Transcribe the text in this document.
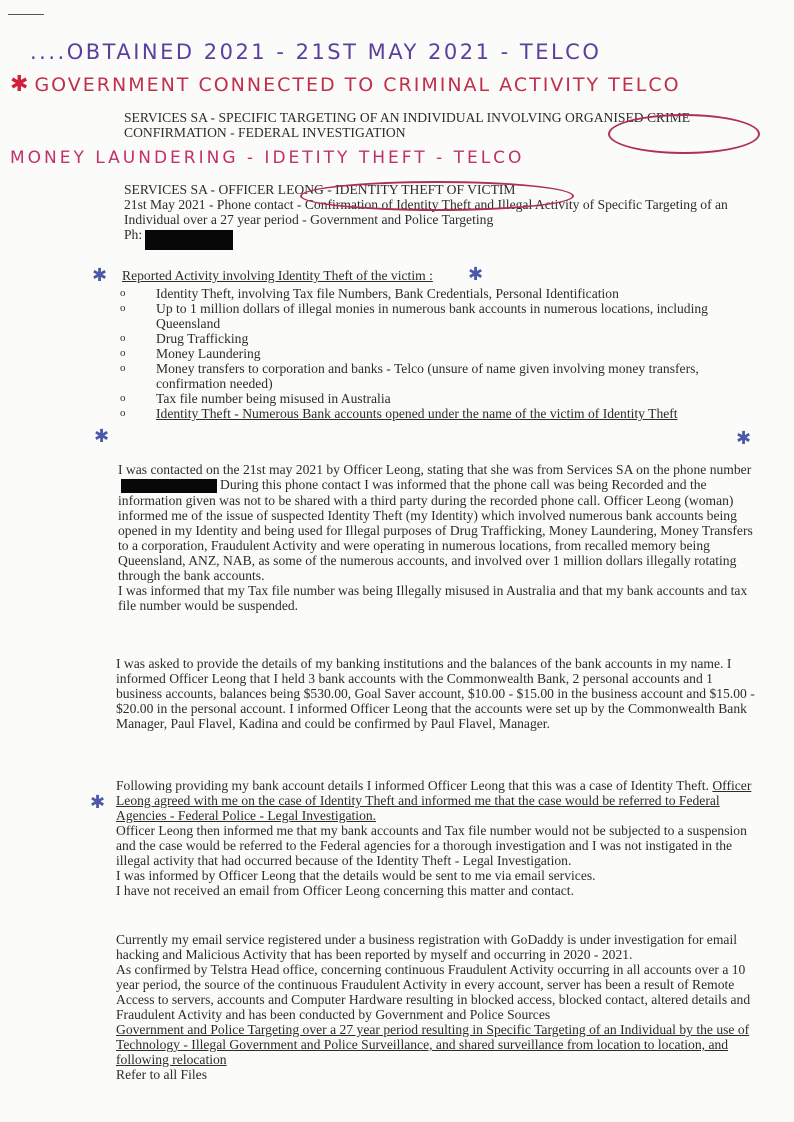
....OBTAINED 2021 - 21ST MAY 2021 - TELCO
✱ GOVERNMENT CONNECTED TO CRIMINAL ACTIVITY TELCO
SERVICES SA - SPECIFIC TARGETING OF AN INDIVIDUAL INVOLVING ORGANISED CRIME CONFIRMATION - FEDERAL INVESTIGATION
MONEY LAUNDERING - IDETITY THEFT - TELCO

SERVICES SA - OFFICER LEONG - IDENTITY THEFT OF VICTIM

21st May 2021 - Phone contact - Confirmation of Identity Theft and Illegal Activity of Specific Targeting of an Individual over a 27 year period - Government and Police Targeting

Ph:

✱ Reported Activity involving Identity Theft of the victim :	✱
o Identity Theft, involving Tax file Numbers, Bank Credentials, Personal Identification
o Up to 1 million dollars of illegal monies in numerous bank accounts in numerous locations, including Queensland
o Drug Trafficking
o Money Laundering
o Money transfers to corporation and banks - Telco (unsure of name given involving money transfers, confirmation needed)
o Tax file number being misused in Australia
o Identity Theft - Numerous Bank accounts opened under the name of the victim of Identity Theft
✱	✱

I was contacted on the 21st may 2021 by Officer Leong, stating that she was from Services SA on the phone numberDuring this phone contact I was informed that the phone call was being Recorded and the information given was not to be shared with a third party during the recorded phone call. Officer Leong (woman) informed me of the issue of suspected Identity Theft (my Identity) which involved numerous bank accounts being opened in my Identity and being used for Illegal purposes of Drug Trafficking, Money Laundering, Money Transfers to a corporation, Fraudulent Activity and were operating in numerous locations, from recalled memory being Queensland, ANZ, NAB, as some of the numerous accounts, and involved over 1 million dollars illegally rotating through the bank accounts.

I was informed that my Tax file number was being Illegally misused in Australia and that my bank accounts and tax file number would be suspended.

I was asked to provide the details of my banking institutions and the balances of the bank accounts in my name. I informed Officer Leong that I held 3 bank accounts with the Commonwealth Bank, 2 personal accounts and 1 business accounts, balances being $530.00, Goal Saver account, $10.00 - $15.00 in the business account and $15.00 - $20.00 in the personal account. I informed Officer Leong that the accounts were set up by the Commonwealth Bank Manager, Paul Flavel, Kadina and could be confirmed by Paul Flavel, Manager.
✱

Following providing my bank account details I informed Officer Leong that this was a case of Identity Theft. Officer Leong agreed with me on the case of Identity Theft and informed me that the case would be referred to Federal Agencies - Federal Police - Legal Investigation.

Officer Leong then informed me that my bank accounts and Tax file number would not be subjected to a suspension and the case would be referred to the Federal agencies for a thorough investigation and I was not instigated in the illegal activity that had occurred because of the Identity Theft - Legal Investigation.

I was informed by Officer Leong that the details would be sent to me via email services.

I have not received an email from Officer Leong concerning this matter and contact.

Currently my email service registered under a business registration with GoDaddy is under investigation for email hacking and Malicious Activity that has been reported by myself and occurring in 2020 - 2021.

As confirmed by Telstra Head office, concerning continuous Fraudulent Activity occurring in all accounts over a 10 year period, the source of the continuous Fraudulent Activity in every account, server has been a result of Remote Access to servers, accounts and Computer Hardware resulting in blocked access, blocked contact, altered details and Fraudulent Activity and has been conducted by Government and Police Sources

Government and Police Targeting over a 27 year period resulting in Specific Targeting of an Individual by the use of Technology - Illegal Government and Police Surveillance, and shared surveillance from location to location, and following relocation

Refer to all Files
